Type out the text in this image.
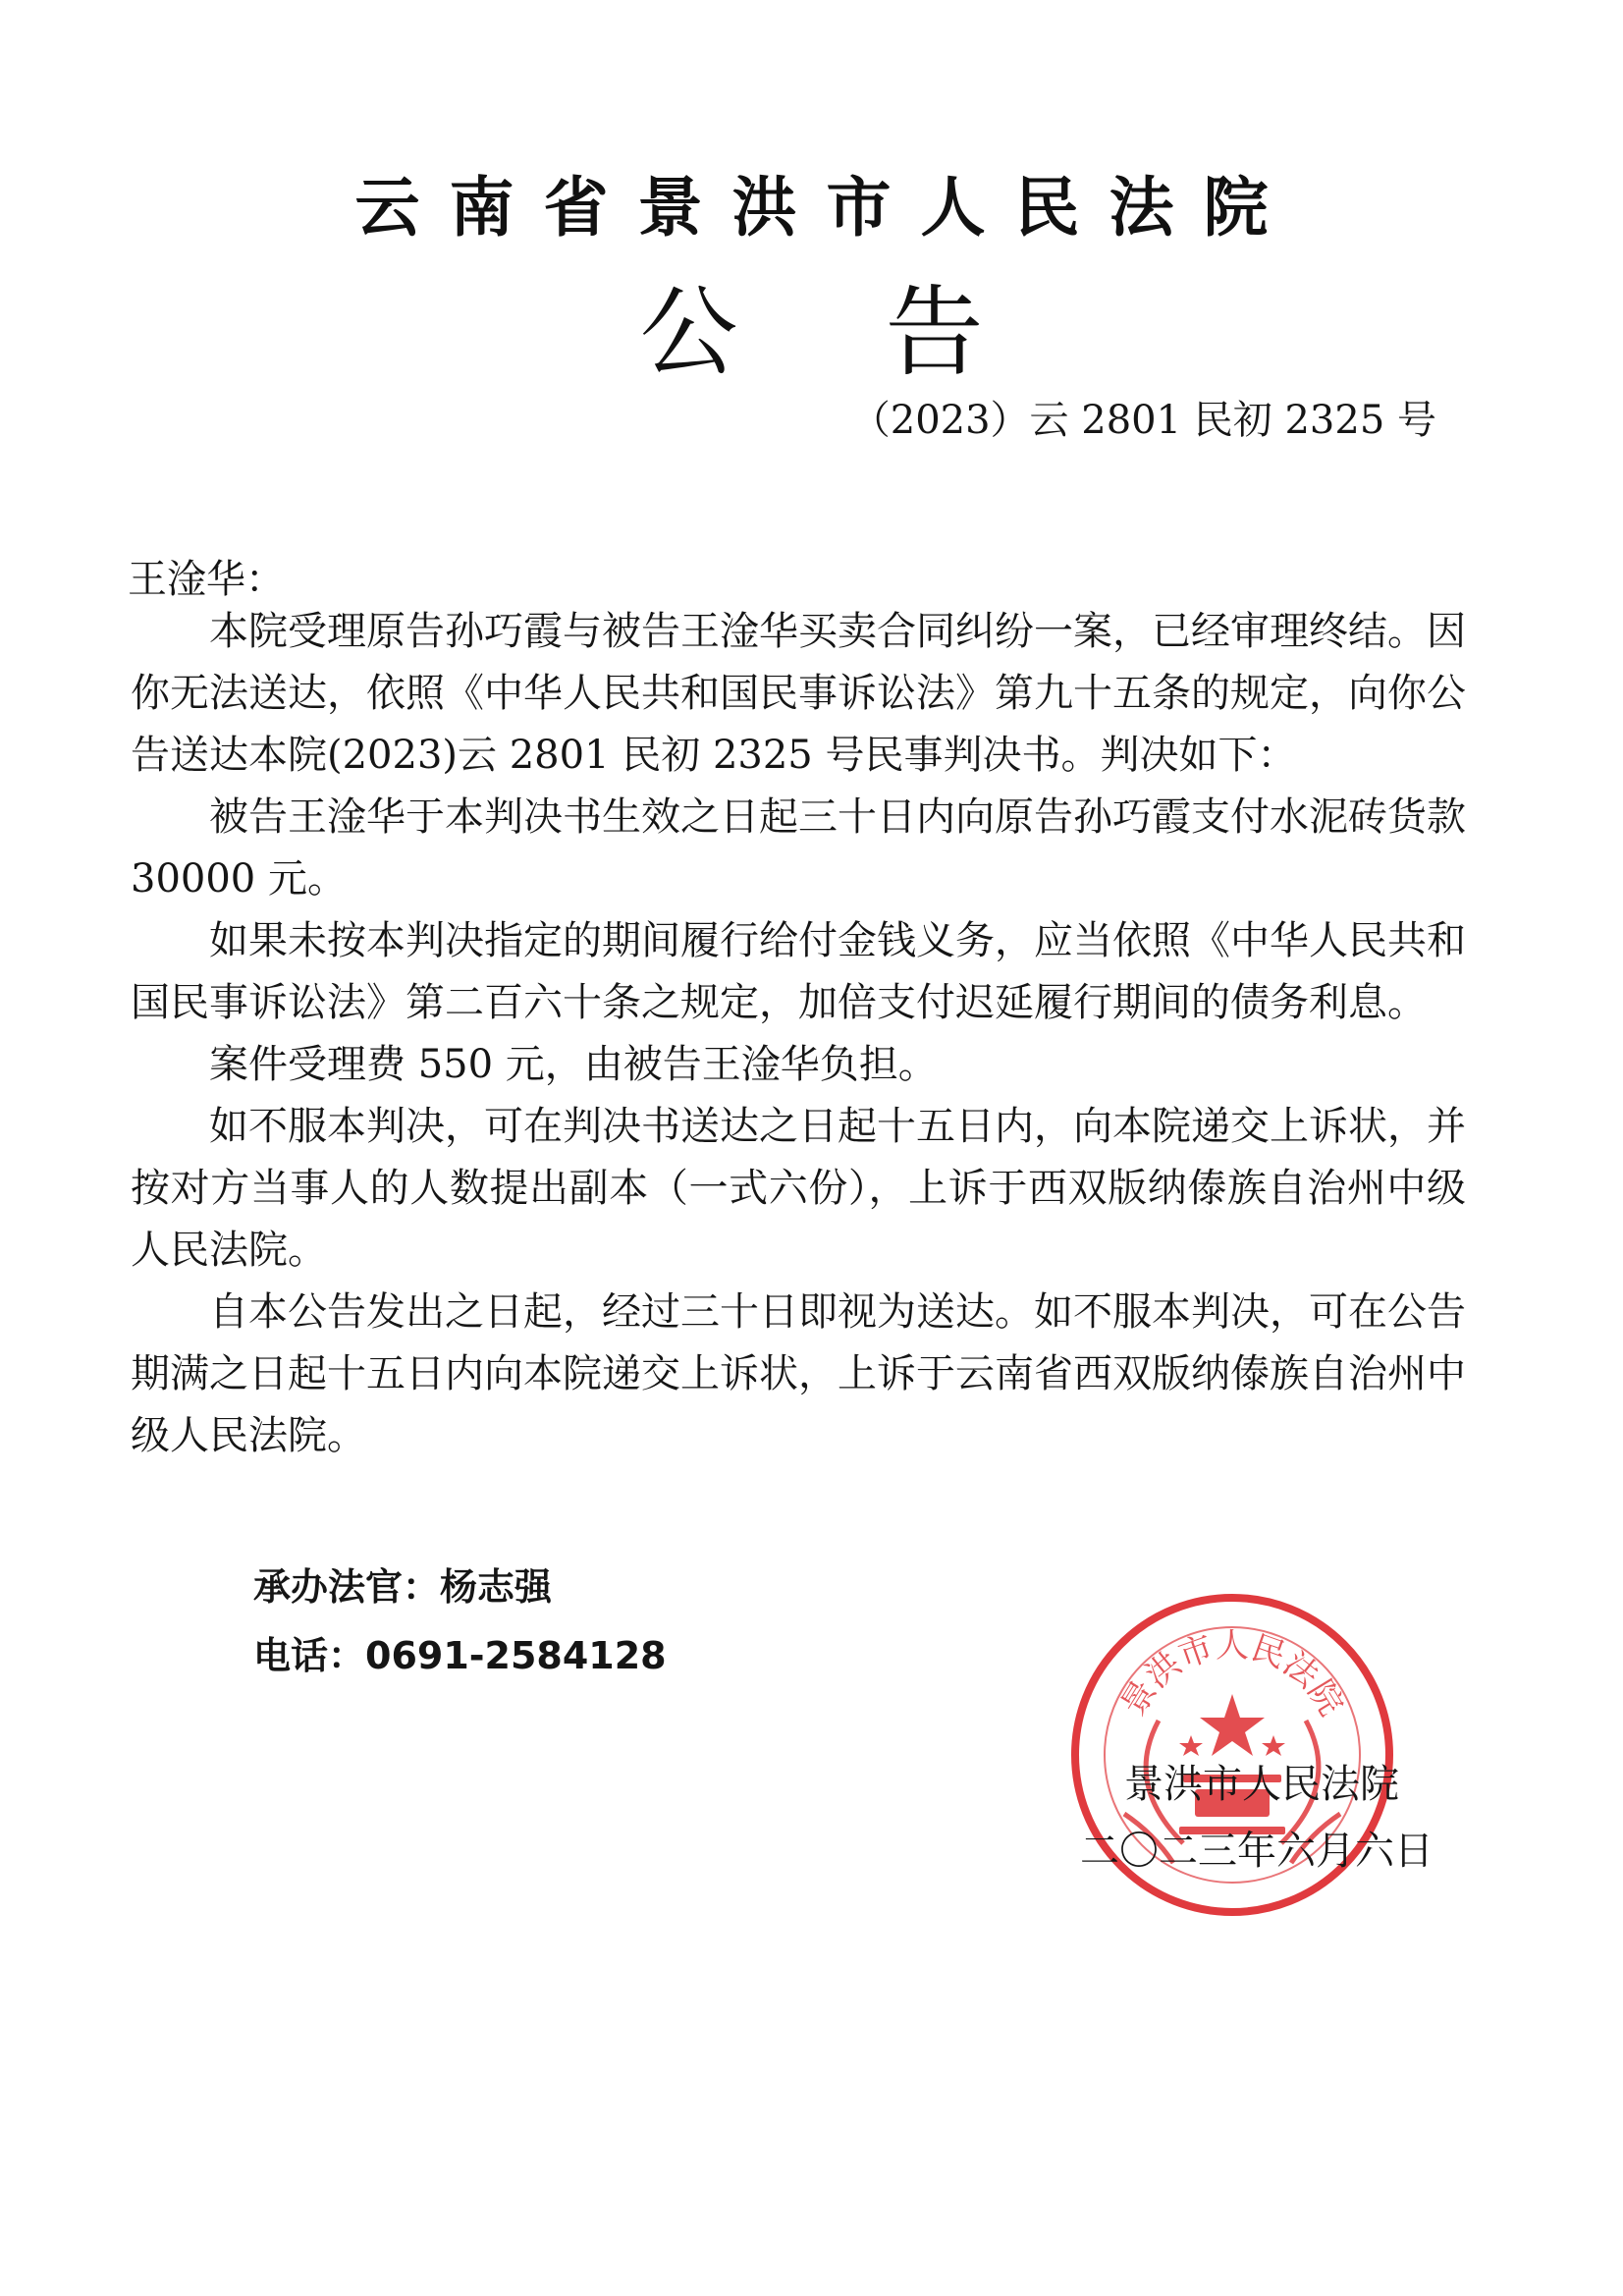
云南省景洪市人民法院
公告
（2023）云 2801 民初 2325 号
王淦华：

本院受理原告孙巧霞与被告王淦华买卖合同纠纷一案，已经审理终结。因你无法送达，依照《中华人民共和国民事诉讼法》第九十五条的规定，向你公告送达本院(2023)云 2801 民初 2325 号民事判决书。判决如下：

被告王淦华于本判决书生效之日起三十日内向原告孙巧霞支付水泥砖货款30000 元。

如果未按本判决指定的期间履行给付金钱义务，应当依照《中华人民共和国民事诉讼法》第二百六十条之规定，加倍支付迟延履行期间的债务利息。

案件受理费 550 元，由被告王淦华负担。

如不服本判决，可在判决书送达之日起十五日内，向本院递交上诉状，并按对方当事人的人数提出副本（一式六份），上诉于西双版纳傣族自治州中级人民法院。

自本公告发出之日起，经过三十日即视为送达。如不服本判决，可在公告期满之日起十五日内向本院递交上诉状，上诉于云南省西双版纳傣族自治州中级人民法院。

承办法官：杨志强
电话：0691-2584128
景洪市人民法院
景洪市人民法院
二〇二三年六月六日
